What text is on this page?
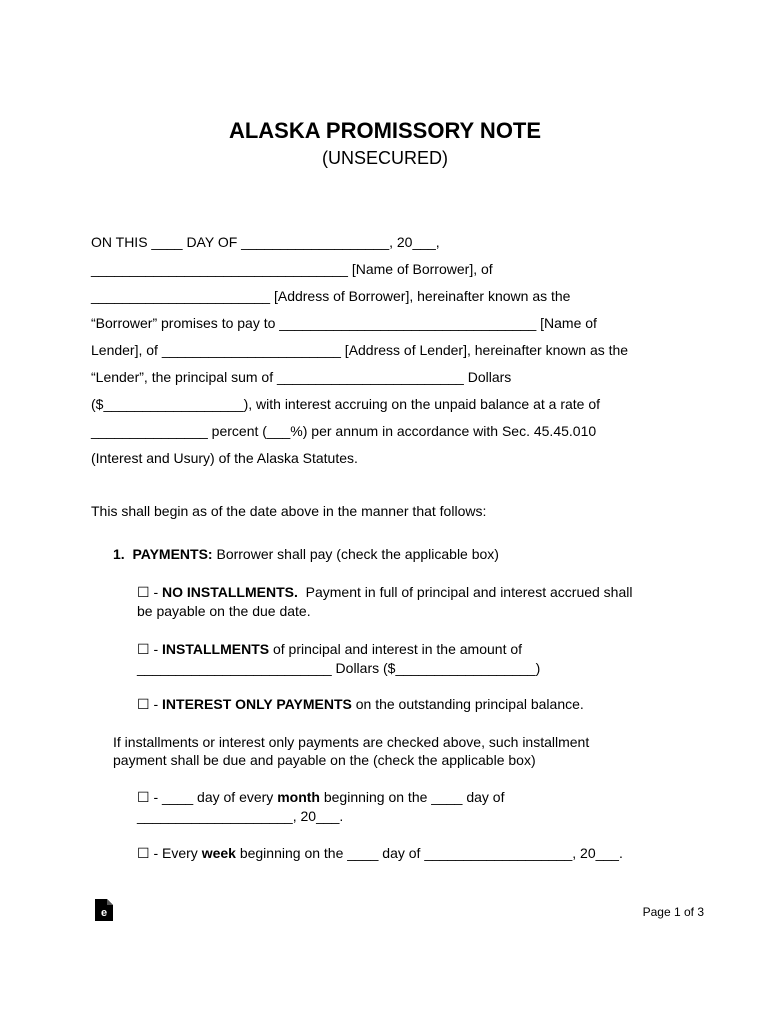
ALASKA PROMISSORY NOTE
(UNSECURED)
ON THIS ____ DAY OF ___________________, 20___,
_________________________________ [Name of Borrower], of
_______________________ [Address of Borrower], hereinafter known as the
“Borrower” promises to pay to _________________________________ [Name of
Lender], of _______________________ [Address of Lender], hereinafter known as the
“Lender”, the principal sum of ________________________ Dollars
($__________________), with interest accruing on the unpaid balance at a rate of
_______________ percent (___%) per annum in accordance with Sec. 45.45.010
(Interest and Usury) of the Alaska Statutes.
This shall begin as of the date above in the manner that follows:
1. PAYMENTS: Borrower shall pay (check the applicable box)
☐ - NO INSTALLMENTS.  Payment in full of principal and interest accrued shall
be payable on the due date.
☐ - INSTALLMENTS of principal and interest in the amount of
_________________________ Dollars ($__________________)
☐ - INTEREST ONLY PAYMENTS on the outstanding principal balance.
If installments or interest only payments are checked above, such installment
payment shall be due and payable on the (check the applicable box)
☐ - ____ day of every month beginning on the ____ day of
____________________, 20___.
☐ - Every week beginning on the ____ day of ___________________, 20___.
e	Page 1 of 3
